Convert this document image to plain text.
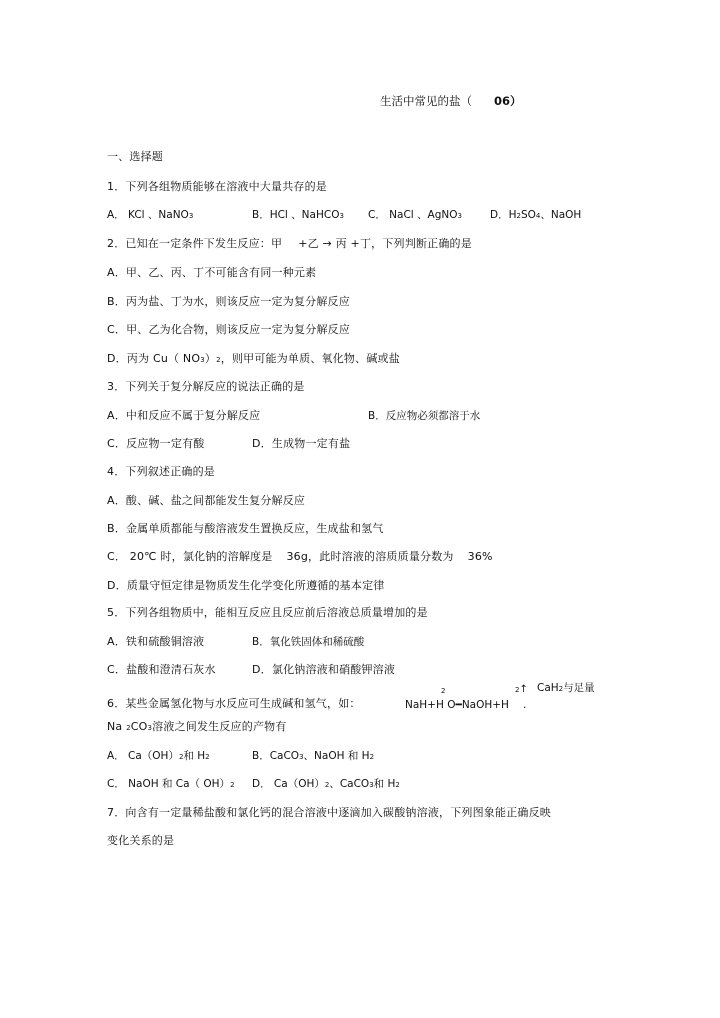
生活中常见的盐（ 06）
一、选择题
1．下列各组物质能够在溶液中大量共存的是
A． KCl 、NaNO3	B．HCl 、NaHCO3 C． NaCl 、AgNO3	D．H2SO4、NaOH
2．已知在一定条件下发生反应：甲 +乙 → 丙 +丁，下列判断正确的是
A．甲、乙、丙、丁不可能含有同一种元素
B．丙为盐、丁为水，则该反应一定为复分解反应
C．甲、乙为化合物，则该反应一定为复分解反应
D．丙为 Cu（ NO3）2，则甲可能为单质、氧化物、碱或盐
3．下列关于复分解反应的说法正确的是
A．中和反应不属于复分解反应	B．反应物必须都溶于水
C．反应物一定有酸	D．生成物一定有盐
4．下列叙述正确的是
A．酸、碱、盐之间都能发生复分解反应
B．金属单质都能与酸溶液发生置换反应，生成盐和氢气
C． 20℃ 时，氯化钠的溶解度是 36g，此时溶液的溶质质量分数为 36%
D．质量守恒定律是物质发生化学变化所遵循的基本定律
5．下列各组物质中，能相互反应且反应前后溶液总质量增加的是
A．铁和硫酸铜溶液	B．氧化铁固体和稀硫酸
C．盐酸和澄清石灰水	D．氯化钠溶液和硝酸钾溶液
2	2↑ CaH2与足量
6．某些金属氢化物与水反应可生成碱和氢气，如：	NaH+H O━NaOH+H .
Na 2CO3溶液之间发生反应的产物有
A． Ca（OH）2和 H2	B．CaCO3、NaOH 和 H2
C． NaOH 和 Ca（ OH）2 D． Ca（OH）2、CaCO3和 H2
7．向含有一定量稀盐酸和氯化钙的混合溶液中逐滴加入碳酸钠溶液，下列图象能正确反映
变化关系的是
